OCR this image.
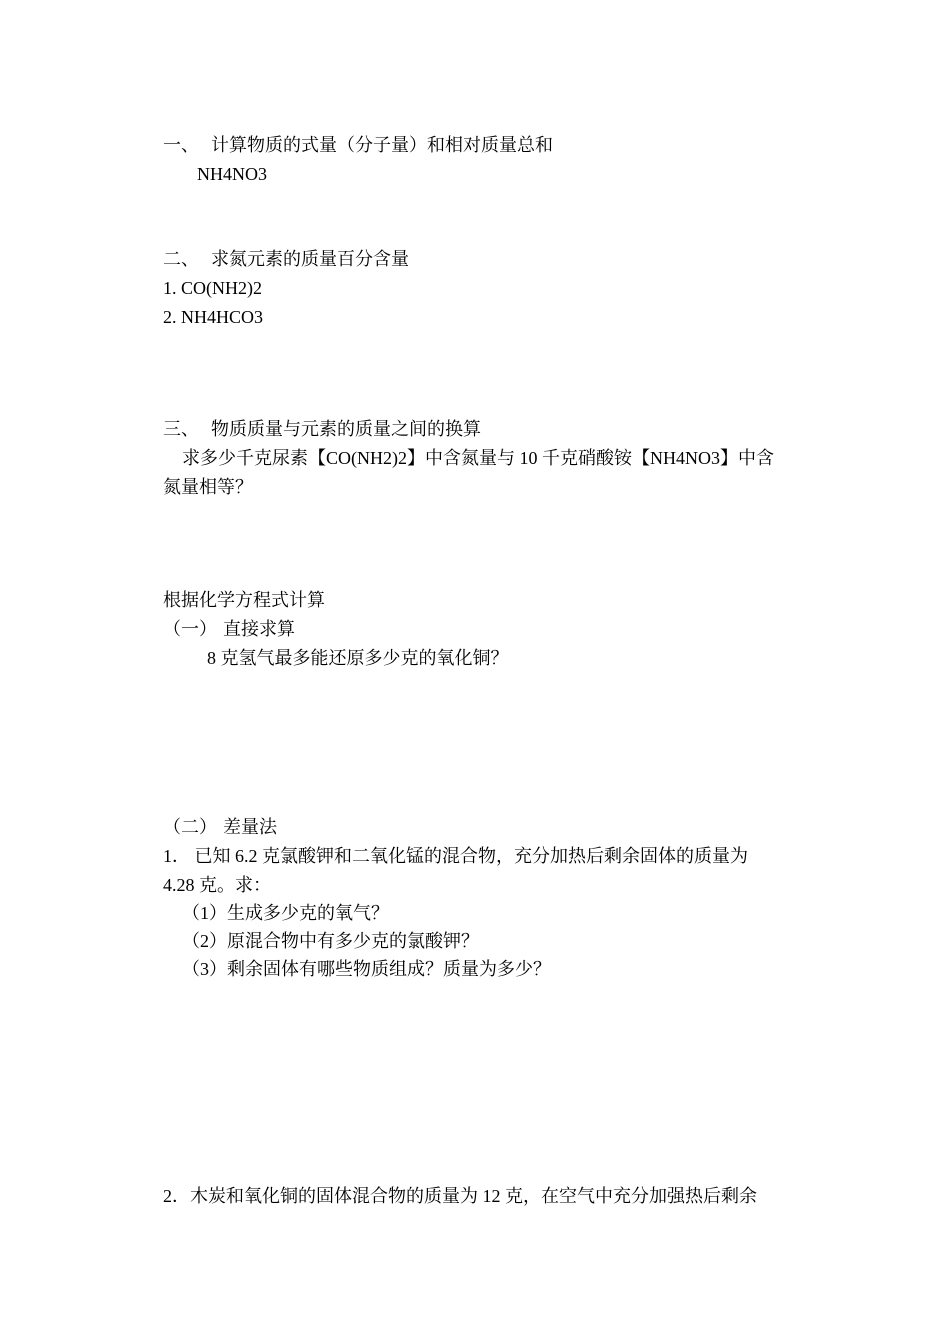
一、 计算物质的式量（分子量）和相对质量总和
NH4NO3
二、 求氮元素的质量百分含量
1. CO(NH2)2
2. NH4HCO3
三、 物质质量与元素的质量之间的换算
求多少千克尿素【CO(NH2)2】中含氮量与 10 千克硝酸铵【NH4NO3】中含
氮量相等？
根据化学方程式计算
（一） 直接求算
8 克氢气最多能还原多少克的氧化铜？
（二） 差量法
1． 已知 6.2 克氯酸钾和二氧化锰的混合物，充分加热后剩余固体的质量为
4.28 克。求：
（1）生成多少克的氧气？
（2）原混合物中有多少克的氯酸钾？
（3）剩余固体有哪些物质组成？质量为多少？
2．木炭和氧化铜的固体混合物的质量为 12 克，在空气中充分加强热后剩余
